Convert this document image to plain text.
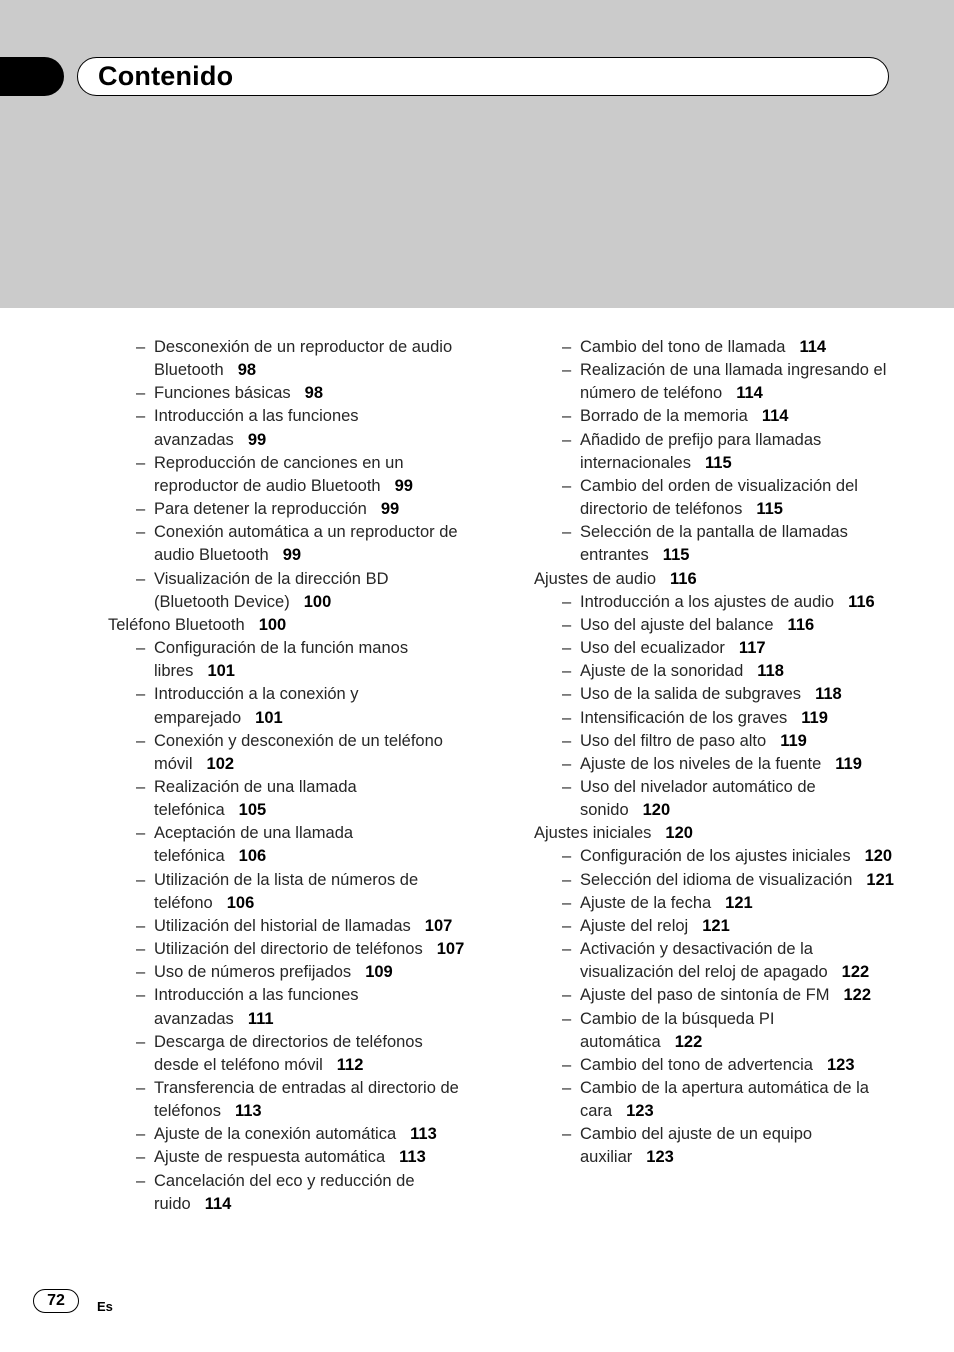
Contenido
– Desconexión de un reproductor de audio Bluetooth 98
– Funciones básicas 98
– Introducción a las funciones avanzadas 99
– Reproducción de canciones en un reproductor de audio Bluetooth 99
– Para detener la reproducción 99
– Conexión automática a un reproductor de audio Bluetooth 99
– Visualización de la dirección BD (Bluetooth Device) 100
Teléfono Bluetooth 100
– Configuración de la función manos libres 101
– Introducción a la conexión y emparejado 101
– Conexión y desconexión de un teléfono móvil 102
– Realización de una llamada telefónica 105
– Aceptación de una llamada telefónica 106
– Utilización de la lista de números de teléfono 106
– Utilización del historial de llamadas 107
– Utilización del directorio de teléfonos 107
– Uso de números prefijados 109
– Introducción a las funciones avanzadas 111
– Descarga de directorios de teléfonos desde el teléfono móvil 112
– Transferencia de entradas al directorio de teléfonos 113
– Ajuste de la conexión automática 113
– Ajuste de respuesta automática 113
– Cancelación del eco y reducción de ruido 114
– Cambio del tono de llamada 114
– Realización de una llamada ingresando el número de teléfono 114
– Borrado de la memoria 114
– Añadido de prefijo para llamadas internacionales 115
– Cambio del orden de visualización del directorio de teléfonos 115
– Selección de la pantalla de llamadas entrantes 115
Ajustes de audio 116
– Introducción a los ajustes de audio 116
– Uso del ajuste del balance 116
– Uso del ecualizador 117
– Ajuste de la sonoridad 118
– Uso de la salida de subgraves 118
– Intensificación de los graves 119
– Uso del filtro de paso alto 119
– Ajuste de los niveles de la fuente 119
– Uso del nivelador automático de sonido 120
Ajustes iniciales 120
– Configuración de los ajustes iniciales 120
– Selección del idioma de visualización 121
– Ajuste de la fecha 121
– Ajuste del reloj 121
– Activación y desactivación de la visualización del reloj de apagado 122
– Ajuste del paso de sintonía de FM 122
– Cambio de la búsqueda PI automática 122
– Cambio del tono de advertencia 123
– Cambio de la apertura automática de la cara 123
– Cambio del ajuste de un equipo auxiliar 123
72	Es
